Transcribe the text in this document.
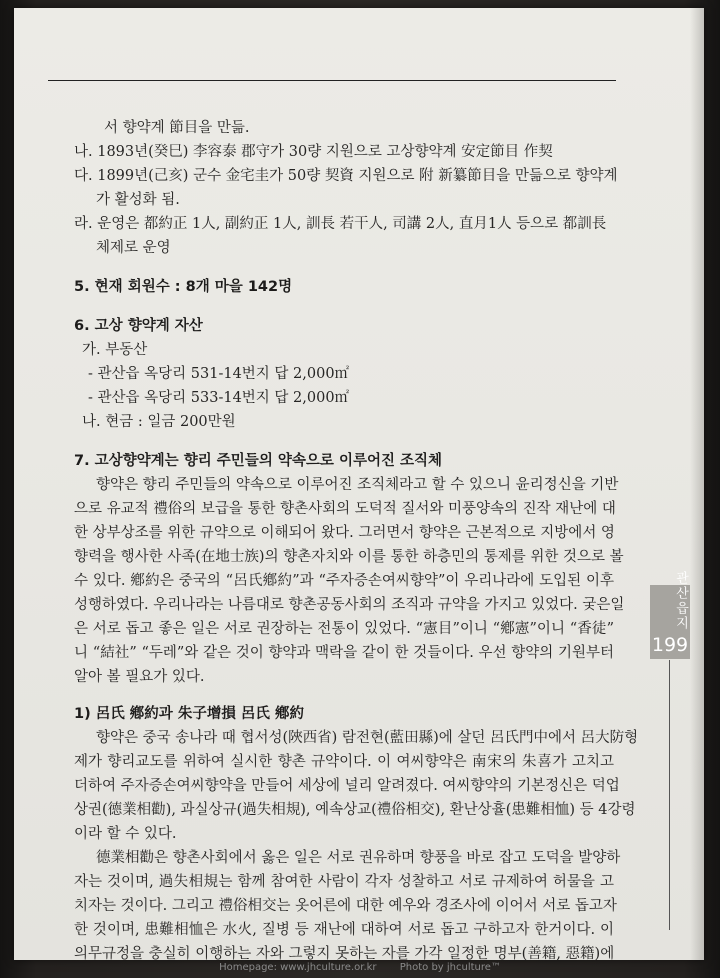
서 향약계 節目을 만듦.

나. 1893년(癸巳) 李容泰 郡守가 30량 지원으로 고상향약계 安定節目 作契

다. 1899년(己亥) 군수 金宅圭가 50량 契資 지원으로 附 新纂節目을 만듦으로 향약계

가 활성화 됨.

라. 운영은 都約正 1人, 副約正 1人, 訓長 若干人, 司講 2人, 直月1人 등으로 都訓長

체제로 운영

5. 현재 회원수 : 8개 마을 142명

6. 고상 향약계 자산

가. 부동산

- 관산읍 옥당리 531-14번지 답 2,000㎡

- 관산읍 옥당리 533-14번지 답 2,000㎡

나. 현금 : 일금 200만원

7. 고상향약계는 향리 주민들의 약속으로 이루어진 조직체

향약은 향리 주민들의 약속으로 이루어진 조직체라고 할 수 있으니 윤리정신을 기반

으로 유교적 禮俗의 보급을 통한 향촌사회의 도덕적 질서와 미풍양속의 진작 재난에 대

한 상부상조를 위한 규약으로 이해되어 왔다. 그러면서 향약은 근본적으로 지방에서 영

향력을 행사한 사족(在地士族)의 향촌자치와 이를 통한 하층민의 통제를 위한 것으로 볼

수 있다. 鄕約은 중국의 “呂氏鄕約”과 “주자증손여씨향약”이 우리나라에 도입된 이후

성행하였다. 우리나라는 나름대로 향촌공동사회의 조직과 규약을 가지고 있었다. 궂은일

은 서로 돕고 좋은 일은 서로 권장하는 전통이 있었다. “憲目”이니 “鄕憲”이니 “香徒”

니 “結社” “두레”와 같은 것이 향약과 맥락을 같이 한 것들이다. 우선 향약의 기원부터

알아 볼 필요가 있다.

1) 呂氏 鄕約과 朱子增損 呂氏 鄕約

향약은 중국 송나라 때 협서성(陜西省) 람전현(藍田縣)에 살던 呂氏門中에서 呂大防형

제가 향리교도를 위하여 실시한 향촌 규약이다. 이 여씨향약은 南宋의 朱喜가 고치고

더하여 주자증손여씨향약을 만들어 세상에 널리 알려졌다. 여씨향약의 기본정신은 덕업

상권(德業相勸), 과실상규(過失相規), 예속상교(禮俗相交), 환난상휼(患難相恤) 등 4강령

이라 할 수 있다.

德業相勸은 향촌사회에서 옳은 일은 서로 권유하며 향풍을 바로 잡고 도덕을 발양하

자는 것이며, 過失相規는 함께 참여한 사람이 각자 성찰하고 서로 규제하여 허물을 고

치자는 것이다. 그리고 禮俗相交는 옷어른에 대한 예우와 경조사에 이어서 서로 돕고자

한 것이며, 患難相恤은 水火, 질병 등 재난에 대하여 서로 돕고 구하고자 한거이다. 이

의무규정을 충실히 이행하는 자와 그렇지 못하는 자를 가각 일정한 명부(善籍, 惡籍)에

관산읍지
199
Homepage: www.jhculture.or.kr Photo by jhculture™
